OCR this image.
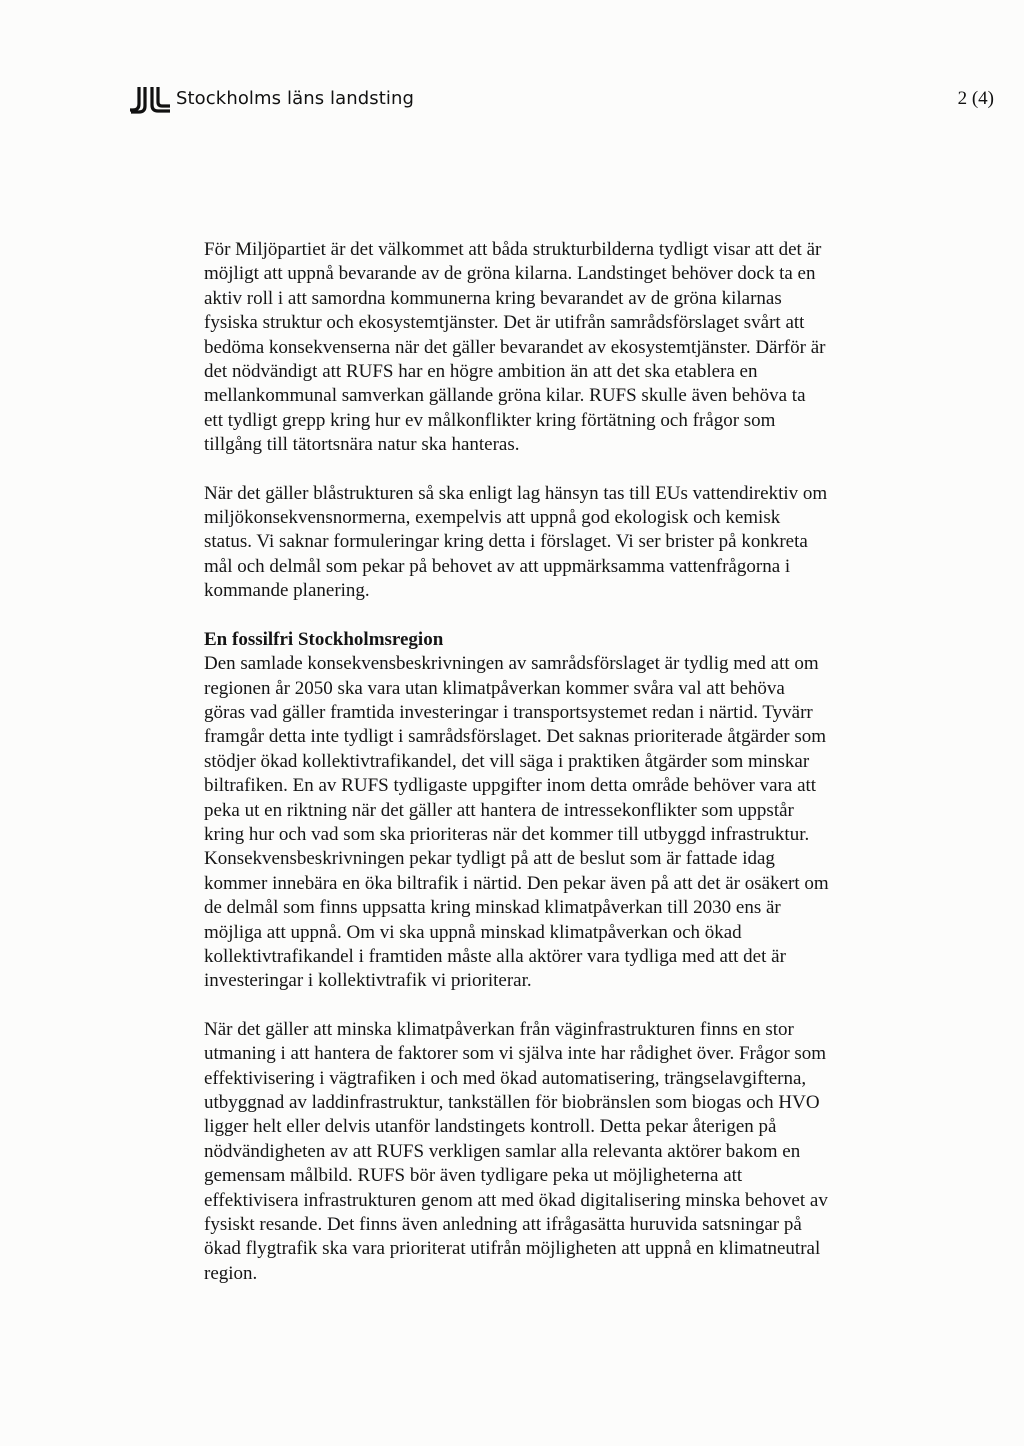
Stockholms läns landsting	2 (4)
För Miljöpartiet är det välkommet att båda strukturbilderna tydligt visar att det är
möjligt att uppnå bevarande av de gröna kilarna. Landstinget behöver dock ta en
aktiv roll i att samordna kommunerna kring bevarandet av de gröna kilarnas
fysiska struktur och ekosystemtjänster. Det är utifrån samrådsförslaget svårt att
bedöma konsekvenserna när det gäller bevarandet av ekosystemtjänster. Därför är
det nödvändigt att RUFS har en högre ambition än att det ska etablera en
mellankommunal samverkan gällande gröna kilar. RUFS skulle även behöva ta
ett tydligt grepp kring hur ev målkonflikter kring förtätning och frågor som
tillgång till tätortsnära natur ska hanteras.
När det gäller blåstrukturen så ska enligt lag hänsyn tas till EUs vattendirektiv om
miljökonsekvensnormerna, exempelvis att uppnå god ekologisk och kemisk
status. Vi saknar formuleringar kring detta i förslaget. Vi ser brister på konkreta
mål och delmål som pekar på behovet av att uppmärksamma vattenfrågorna i
kommande planering.
En fossilfri Stockholmsregion
Den samlade konsekvensbeskrivningen av samrådsförslaget är tydlig med att om
regionen år 2050 ska vara utan klimatpåverkan kommer svåra val att behöva
göras vad gäller framtida investeringar i transportsystemet redan i närtid. Tyvärr
framgår detta inte tydligt i samrådsförslaget. Det saknas prioriterade åtgärder som
stödjer ökad kollektivtrafikandel, det vill säga i praktiken åtgärder som minskar
biltrafiken. En av RUFS tydligaste uppgifter inom detta område behöver vara att
peka ut en riktning när det gäller att hantera de intressekonflikter som uppstår
kring hur och vad som ska prioriteras när det kommer till utbyggd infrastruktur.
Konsekvensbeskrivningen pekar tydligt på att de beslut som är fattade idag
kommer innebära en öka biltrafik i närtid. Den pekar även på att det är osäkert om
de delmål som finns uppsatta kring minskad klimatpåverkan till 2030 ens är
möjliga att uppnå. Om vi ska uppnå minskad klimatpåverkan och ökad
kollektivtrafikandel i framtiden måste alla aktörer vara tydliga med att det är
investeringar i kollektivtrafik vi prioriterar.
När det gäller att minska klimatpåverkan från väginfrastrukturen finns en stor
utmaning i att hantera de faktorer som vi själva inte har rådighet över. Frågor som
effektivisering i vägtrafiken i och med ökad automatisering, trängselavgifterna,
utbyggnad av laddinfrastruktur, tankställen för biobränslen som biogas och HVO
ligger helt eller delvis utanför landstingets kontroll. Detta pekar återigen på
nödvändigheten av att RUFS verkligen samlar alla relevanta aktörer bakom en
gemensam målbild. RUFS bör även tydligare peka ut möjligheterna att
effektivisera infrastrukturen genom att med ökad digitalisering minska behovet av
fysiskt resande. Det finns även anledning att ifrågasätta huruvida satsningar på
ökad flygtrafik ska vara prioriterat utifrån möjligheten att uppnå en klimatneutral
region.
